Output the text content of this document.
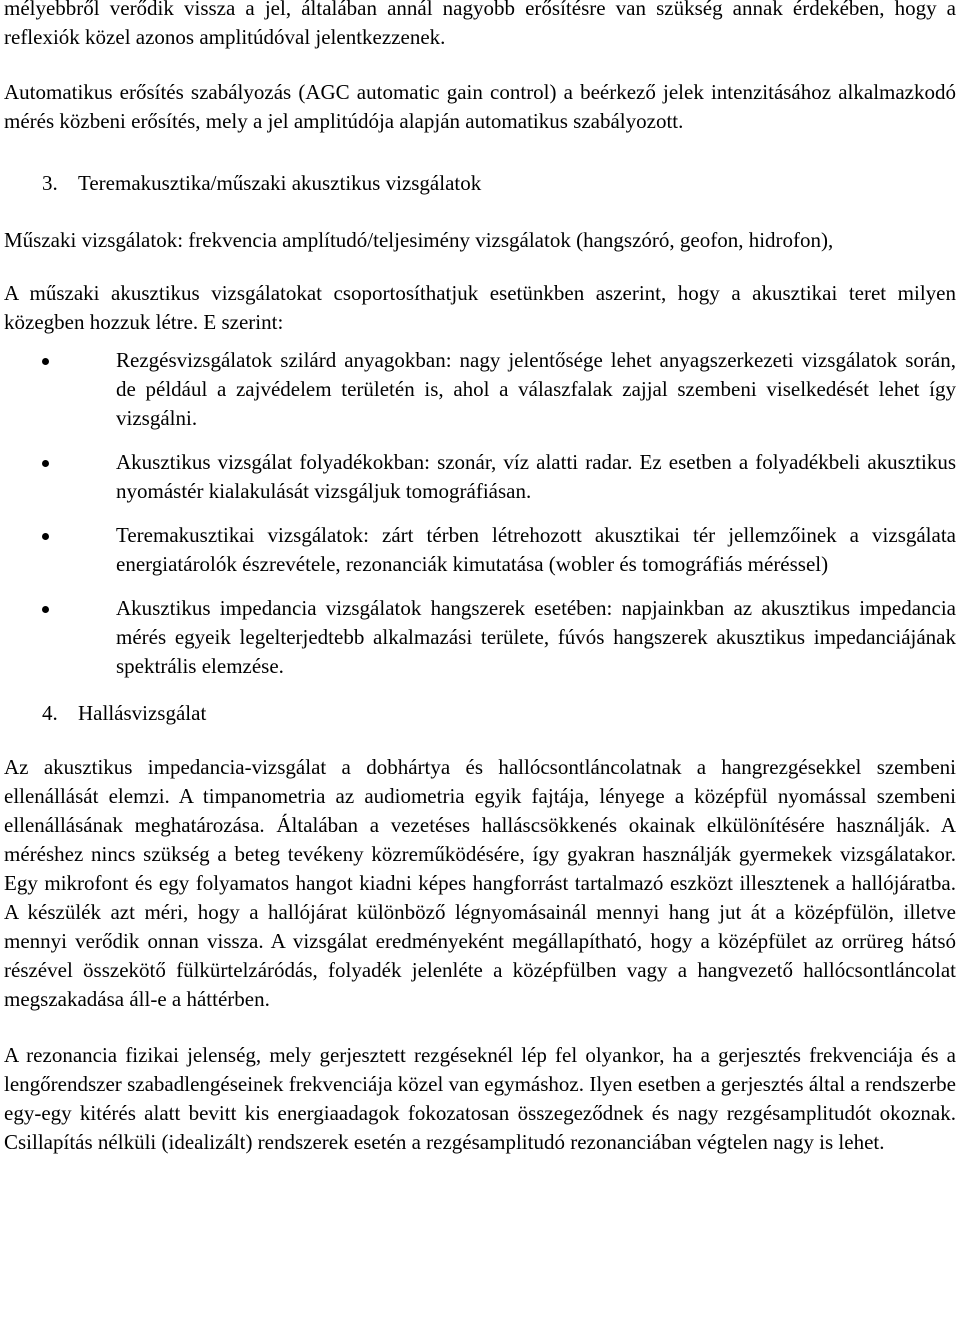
mélyebbről verődik vissza a jel, általában annál nagyobb erősítésre van szükség annak érdekében, hogy a reflexiók közel azonos amplitúdóval jelentkezzenek.

Automatikus erősítés szabályozás (AGC automatic gain control) a beérkező jelek intenzitásához alkalmazkodó mérés közbeni erősítés, mely a jel amplitúdója alapján automatikus szabályozott.

3. Teremakusztika/műszaki akusztikus vizsgálatok

Műszaki vizsgálatok: frekvencia amplítudó/teljesimény vizsgálatok (hangszóró, geofon, hidrofon),

A műszaki akusztikus vizsgálatokat csoportosíthatjuk esetünkben aszerint, hogy a akusztikai teret milyen közegben hozzuk létre. E szerint:

Rezgésvizsgálatok szilárd anyagokban: nagy jelentősége lehet anyagszerkezeti vizsgálatok során, de például a zajvédelem területén is, ahol a válaszfalak zajjal szembeni viselkedését lehet így vizsgálni.

Akusztikus vizsgálat folyadékokban: szonár, víz alatti radar. Ez esetben a folyadékbeli akusztikus nyomástér kialakulását vizsgáljuk tomográfiásan.

Teremakusztikai vizsgálatok: zárt térben létrehozott akusztikai tér jellemzőinek a vizsgálata energiatárolók észrevétele, rezonanciák kimutatása (wobler és tomográfiás méréssel)

Akusztikus impedancia vizsgálatok hangszerek esetében: napjainkban az akusztikus impedancia mérés egyeik legelterjedtebb alkalmazási területe, fúvós hangszerek akusztikus impedanciájának spektrális elemzése.

4. Hallásvizsgálat

Az akusztikus impedancia-vizsgálat a dobhártya és hallócsontláncolatnak a hangrezgésekkel szembeni ellenállását elemzi. A timpanometria az audiometria egyik fajtája, lényege a középfül nyomással szembeni ellenállásának meghatározása. Általában a vezetéses halláscsökkenés okainak elkülönítésére használják. A méréshez nincs szükség a beteg tevékeny közreműködésére, így gyakran használják gyermekek vizsgálatakor. Egy mikrofont és egy folyamatos hangot kiadni képes hangforrást tartalmazó eszközt illesztenek a hallójáratba. A készülék azt méri, hogy a hallójárat különböző légnyomásainál mennyi hang jut át a középfülön, illetve mennyi verődik onnan vissza. A vizsgálat eredményeként megállapítható, hogy a középfület az orrüreg hátsó részével összekötő fülkürtelzáródás, folyadék jelenléte a középfülben vagy a hangvezető hallócsontláncolat megszakadása áll-e a háttérben.

A rezonancia fizikai jelenség, mely gerjesztett rezgéseknél lép fel olyankor, ha a gerjesztés frekvenciája és a lengőrendszer szabadlengéseinek frekvenciája közel van egymáshoz. Ilyen esetben a gerjesztés által a rendszerbe egy-egy kitérés alatt bevitt kis energiaadagok fokozatosan összegeződnek és nagy rezgésamplitudót okoznak. Csillapítás nélküli (idealizált) rendszerek esetén a rezgésamplitudó rezonanciában végtelen nagy is lehet.
